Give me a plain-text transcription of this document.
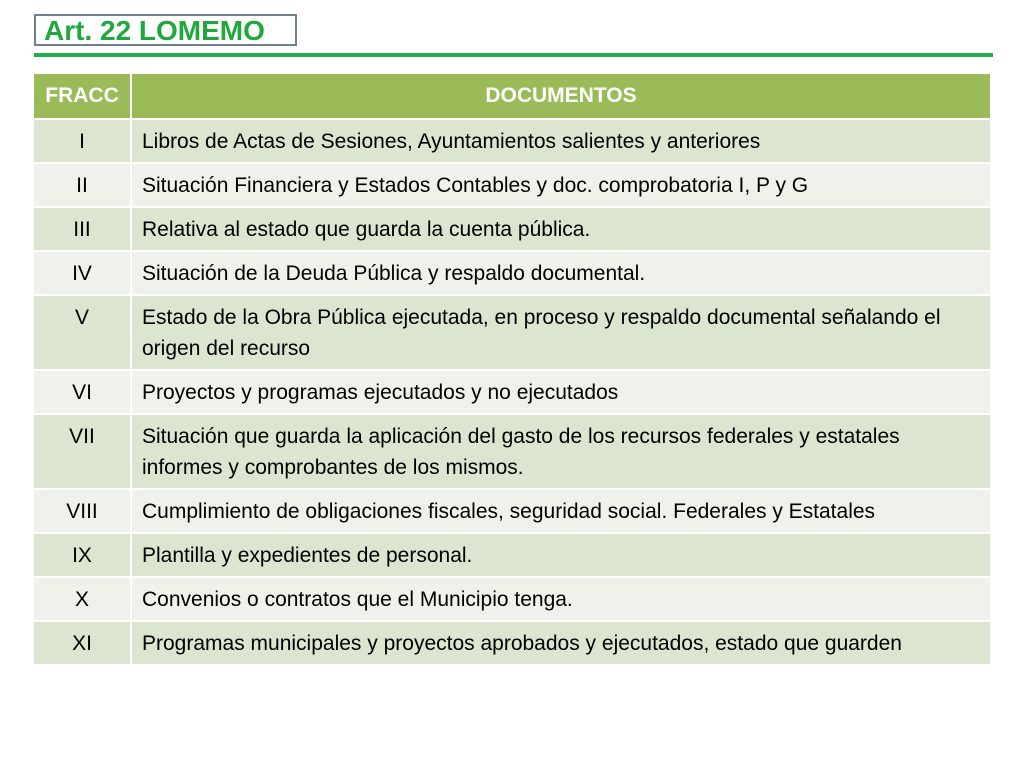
Art. 22 LOMEMO
FRACC	DOCUMENTOS
I	Libros de Actas de Sesiones, Ayuntamientos salientes y anteriores
II	Situación Financiera y Estados Contables y doc. comprobatoria I, P y G
III	Relativa al estado que guarda la cuenta pública.
IV	Situación de la Deuda Pública y respaldo documental.
V	Estado de la Obra Pública ejecutada, en proceso y respaldo documental señalando el origen del recurso
VI	Proyectos y programas ejecutados y no ejecutados
VII	Situación que guarda la aplicación del gasto de los recursos federales y estatales informes y comprobantes de los mismos.
VIII	Cumplimiento de obligaciones fiscales, seguridad social. Federales y Estatales
IX	Plantilla y expedientes de personal.
X	Convenios o contratos que el Municipio tenga.
XI	Programas municipales y proyectos aprobados y ejecutados, estado que guarden
